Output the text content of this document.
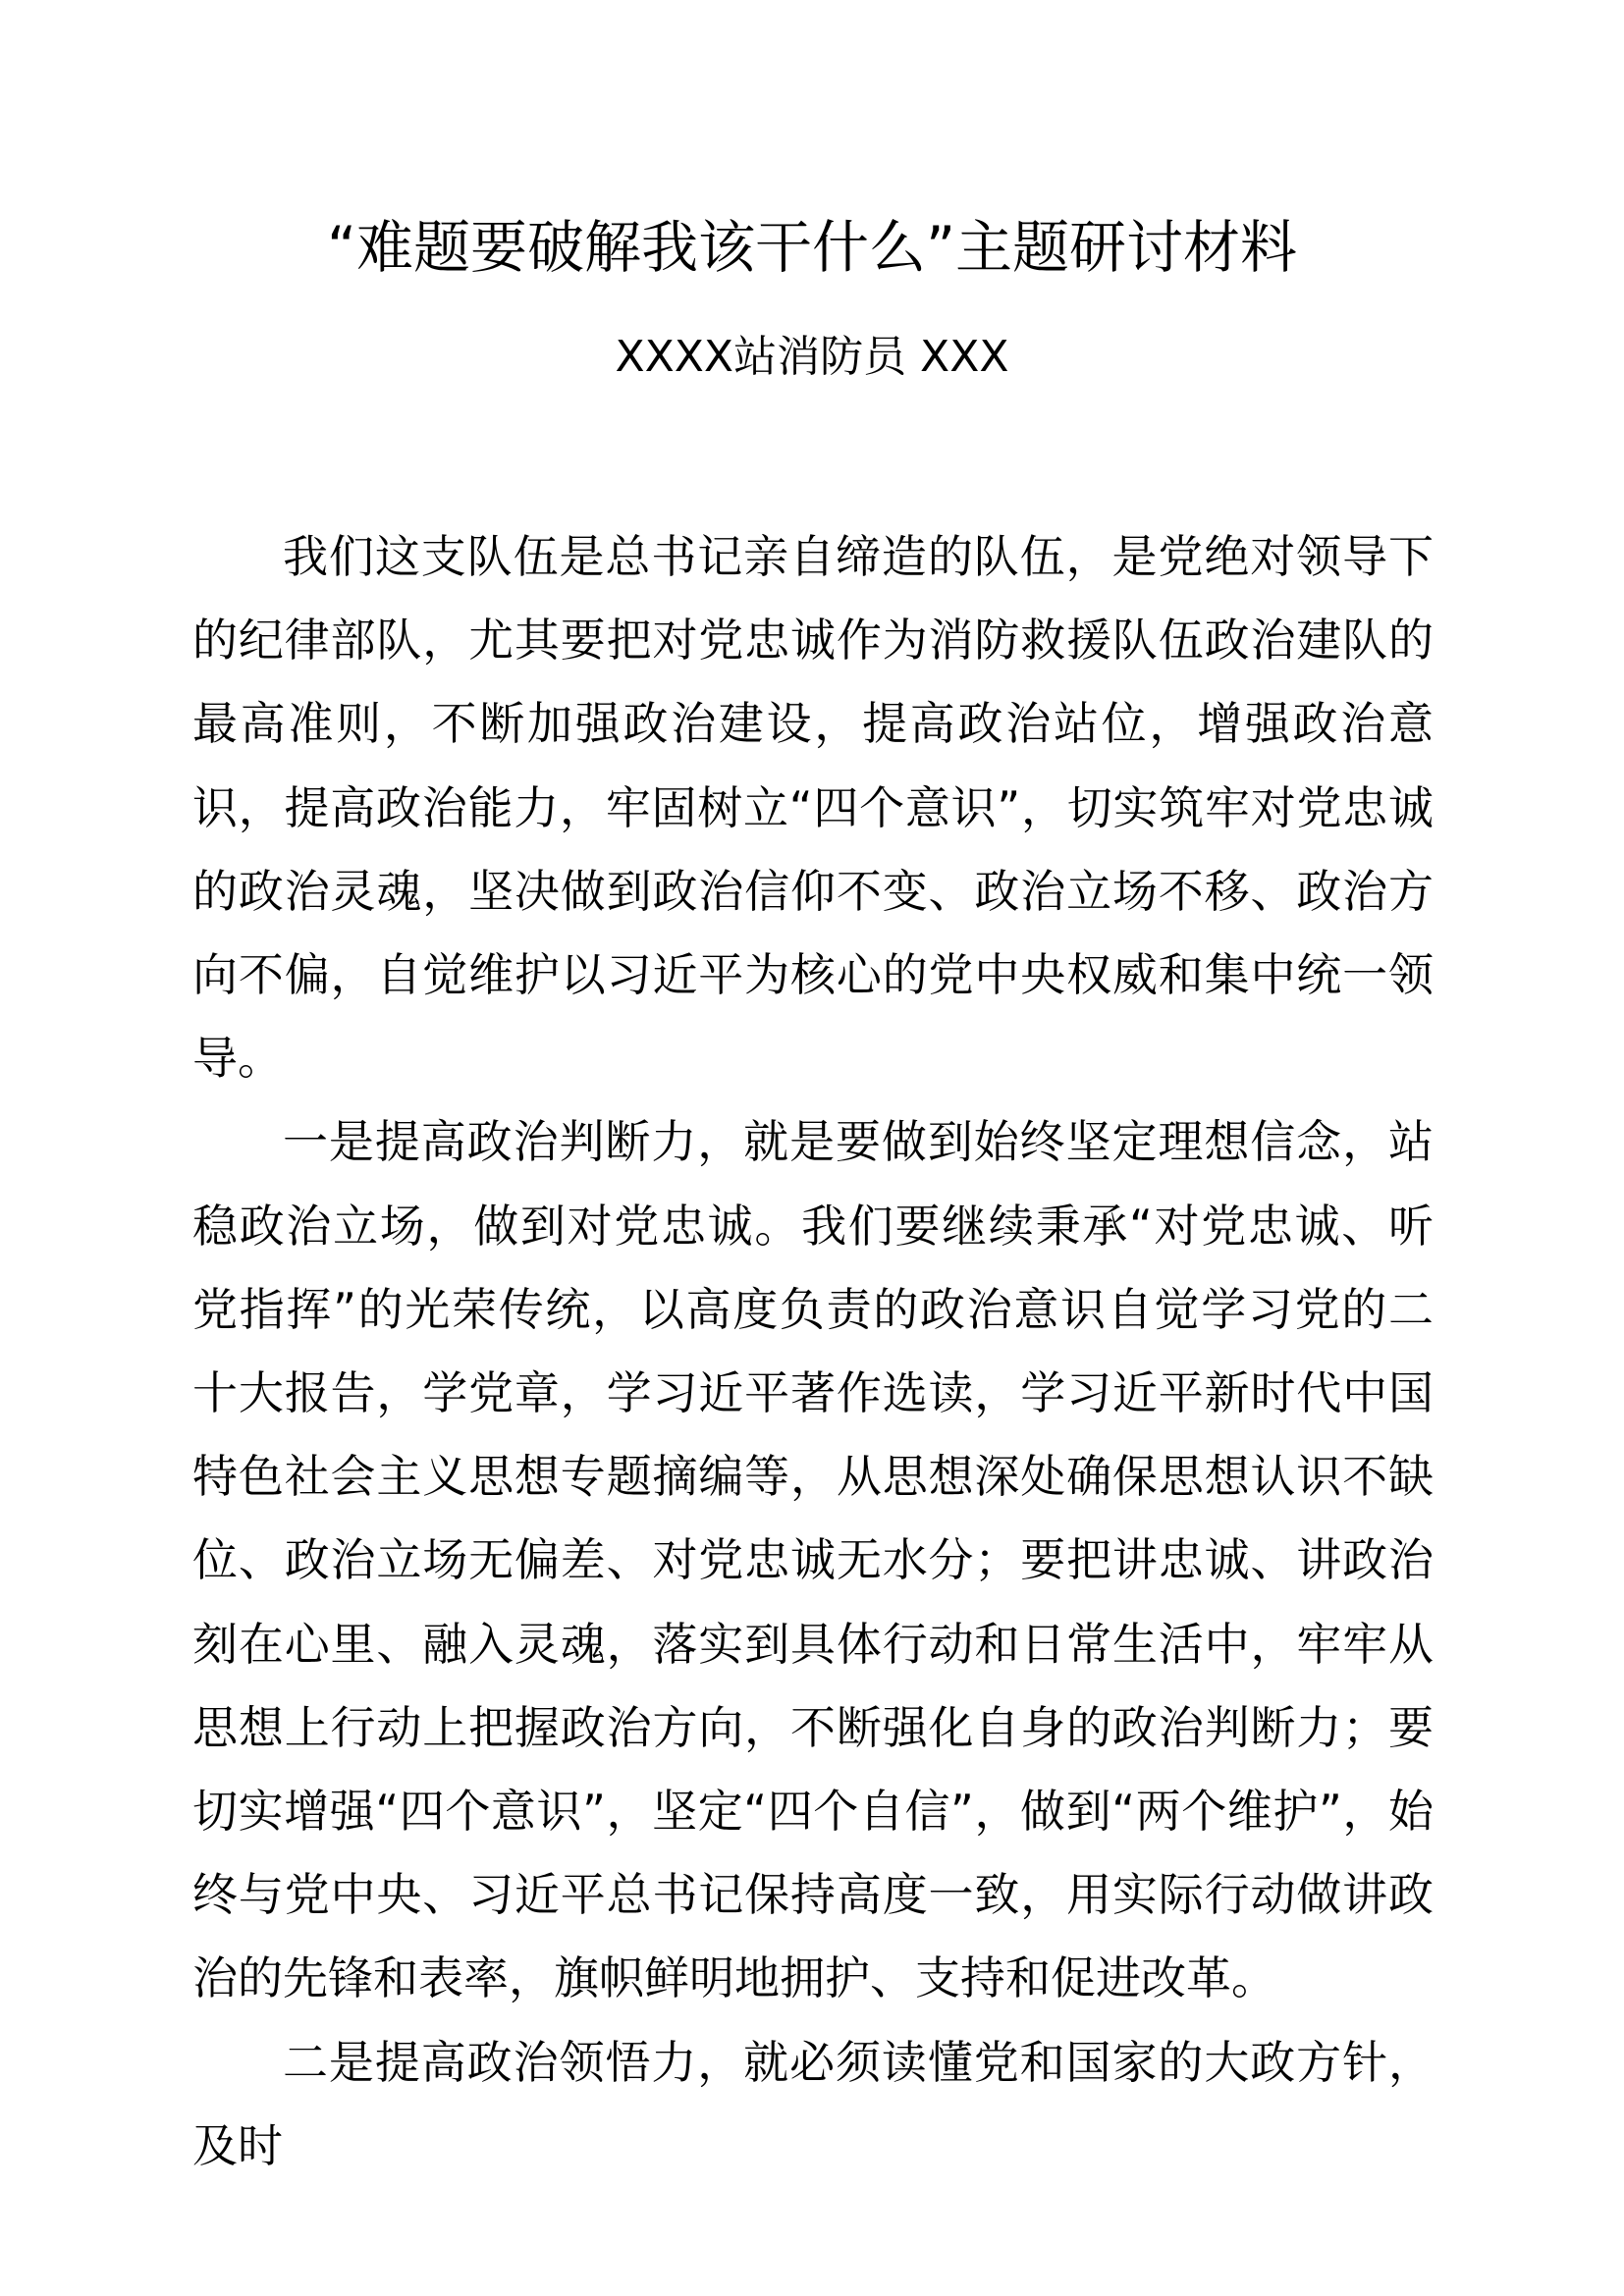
“难题要破解我该干什么”主题研讨材料
XXXX站消防员 XXX

我们这支队伍是总书记亲自缔造的队伍，是党绝对领导下的纪律部队，尤其要把对党忠诚作为消防救援队伍政治建队的最高准则，不断加强政治建设，提高政治站位，增强政治意识，提高政治能力，牢固树立“四个意识”，切实筑牢对党忠诚的政治灵魂，坚决做到政治信仰不变、政治立场不移、政治方向不偏，自觉维护以习近平为核心的党中央权威和集中统一领导。

一是提高政治判断力，就是要做到始终坚定理想信念，站稳政治立场，做到对党忠诚。我们要继续秉承“对党忠诚、听党指挥”的光荣传统，以高度负责的政治意识自觉学习党的二十大报告，学党章，学习近平著作选读，学习近平新时代中国特色社会主义思想专题摘编等，从思想深处确保思想认识不缺位、政治立场无偏差、对党忠诚无水分；要把讲忠诚、讲政治刻在心里、融入灵魂，落实到具体行动和日常生活中，牢牢从思想上行动上把握政治方向，不断强化自身的政治判断力；要切实增强“四个意识”，坚定“四个自信”，做到“两个维护”，始终与党中央、习近平总书记保持高度一致，用实际行动做讲政治的先锋和表率，旗帜鲜明地拥护、支持和促进改革。

二是提高政治领悟力，就必须读懂党和国家的大政方针，及时
